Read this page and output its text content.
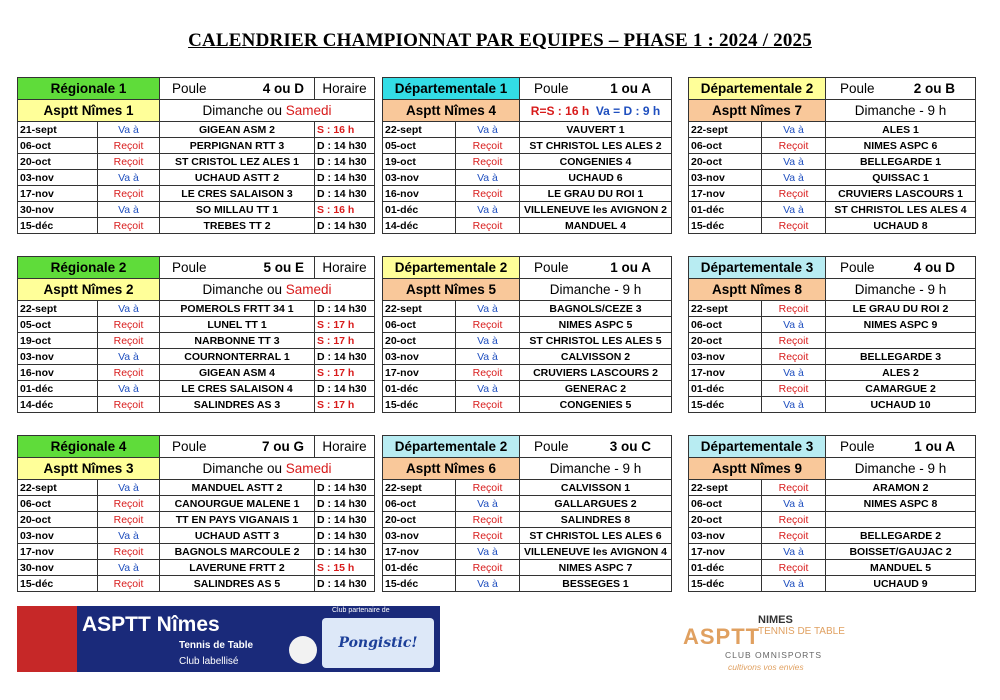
CALENDRIER CHAMPIONNAT PAR EQUIPES – PHASE 1 : 2024 / 2025
Régionale 1		Poule 4 ou D	Horaire
Asptt Nîmes 1		Dimanche ou Samedi	
21-sept	Va à	GIGEAN ASM 2	S : 16 h
06-oct	Reçoit	PERPIGNAN RTT 3	D : 14 h30
20-oct	Reçoit	ST CRISTOL LEZ ALES 1	D : 14 h30
03-nov	Va à	UCHAUD ASTT 2	D : 14 h30
17-nov	Reçoit	LE CRES SALAISON 3	D : 14 h30
30-nov	Va à	SO MILLAU TT 1	S : 16 h
15-déc	Reçoit	TREBES TT 2	D : 14 h30
Départementale 1		Poule 1 ou A

Asptt Nîmes 4		R=S : 16 h Va = D : 9 h
22-sept	Va à	VAUVERT 1
05-oct	Reçoit	ST CHRISTOL LES ALES 2
19-oct	Reçoit	CONGENIES 4
03-nov	Va à	UCHAUD 6
16-nov	Reçoit	LE GRAU DU ROI 1
01-déc	Va à	VILLENEUVE les AVIGNON 2
14-déc	Reçoit	MANDUEL 4
Départementale 2		Poule 2 ou B

Asptt Nîmes 7		Dimanche - 9 h
22-sept	Va à	ALES 1
06-oct	Reçoit	NIMES ASPC 6
20-oct	Va à	BELLEGARDE 1
03-nov	Va à	QUISSAC 1
17-nov	Reçoit	CRUVIERS LASCOURS 1
01-déc	Va à	ST CHRISTOL LES ALES 4
15-déc	Reçoit	UCHAUD 8
Régionale 2		Poule 5 ou E	Horaire
Asptt Nîmes 2		Dimanche ou Samedi	
22-sept	Va à	POMEROLS FRTT 34 1	D : 14 h30
05-oct	Reçoit	LUNEL TT 1	S : 17 h
19-oct	Reçoit	NARBONNE TT 3	S : 17 h
03-nov	Va à	COURNONTERRAL 1	D : 14 h30
16-nov	Reçoit	GIGEAN ASM 4	S : 17 h
01-déc	Va à	LE CRES SALAISON 4	D : 14 h30
14-déc	Reçoit	SALINDRES AS 3	S : 17 h
Départementale 2		Poule 1 ou A

Asptt Nîmes 5		Dimanche - 9 h
22-sept	Va à	BAGNOLS/CEZE 3
06-oct	Reçoit	NIMES ASPC 5
20-oct	Va à	ST CHRISTOL LES ALES 5
03-nov	Va à	CALVISSON 2
17-nov	Reçoit	CRUVIERS LASCOURS 2
01-déc	Va à	GENERAC 2
15-déc	Reçoit	CONGENIES 5
Départementale 3		Poule 4 ou D

Asptt Nîmes 8		Dimanche - 9 h
22-sept	Reçoit	LE GRAU DU ROI 2
06-oct	Va à	NIMES ASPC 9
20-oct	Reçoit	
03-nov	Reçoit	BELLEGARDE 3
17-nov	Va à	ALES 2
01-déc	Reçoit	CAMARGUE 2
15-déc	Va à	UCHAUD 10
Régionale 4		Poule 7 ou G	Horaire
Asptt Nîmes 3		Dimanche ou Samedi	
22-sept	Va à	MANDUEL ASTT 2	D : 14 h30
06-oct	Reçoit	CANOURGUE MALENE 1	D : 14 h30
20-oct	Reçoit	TT EN PAYS VIGANAIS 1	D : 14 h30
03-nov	Va à	UCHAUD ASTT 3	D : 14 h30
17-nov	Reçoit	BAGNOLS MARCOULE 2	D : 14 h30
30-nov	Va à	LAVERUNE FRTT 2	S : 15 h
15-déc	Reçoit	SALINDRES AS 5	D : 14 h30
Départementale 2		Poule 3 ou C

Asptt Nîmes 6		Dimanche - 9 h
22-sept	Reçoit	CALVISSON 1
06-oct	Va à	GALLARGUES 2
20-oct	Reçoit	SALINDRES 8
03-nov	Reçoit	ST CHRISTOL LES ALES 6
17-nov	Va à	VILLENEUVE les AVIGNON 4
01-déc	Reçoit	NIMES ASPC 7
15-déc	Va à	BESSEGES 1
Départementale 3		Poule 1 ou A

Asptt Nîmes 9		Dimanche - 9 h
22-sept	Reçoit	ARAMON 2
06-oct	Va à	NIMES ASPC 8
20-oct	Reçoit	
03-nov	Reçoit	BELLEGARDE 2
17-nov	Va à	BOISSET/GAUJAC 2
01-déc	Reçoit	MANDUEL 5
15-déc	Va à	UCHAUD 9
ASPTT Nîmes
Tennis de Table
Club labellisé
Club partenaire de
Pongistic!	ASPTT
NIMES
TENNIS DE TABLE
CLUB OMNISPORTS
cultivons vos envies
